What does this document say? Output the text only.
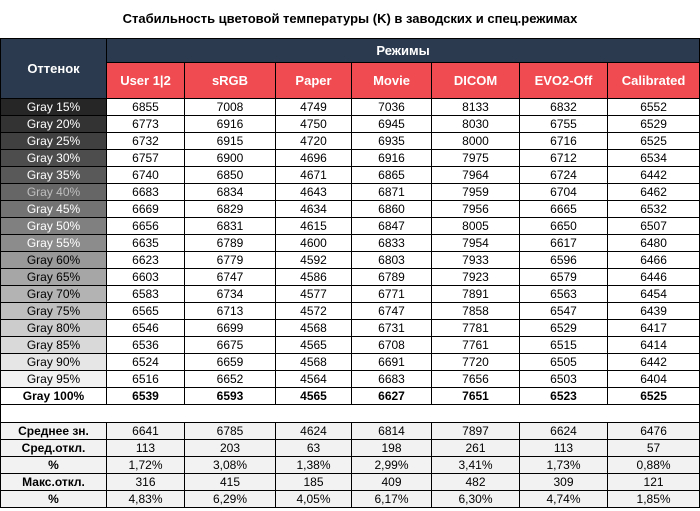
Стабильность цветовой температуры (K) в заводских и спец.режимах
Оттенок	Режимы						
	User 1|2	sRGB	Paper	Movie	DICOM	EVO2-Off	Calibrated
Gray 15%	6855	7008	4749	7036	8133	6832	6552
Gray 20%	6773	6916	4750	6945	8030	6755	6529
Gray 25%	6732	6915	4720	6935	8000	6716	6525
Gray 30%	6757	6900	4696	6916	7975	6712	6534
Gray 35%	6740	6850	4671	6865	7964	6724	6442
Gray 40%	6683	6834	4643	6871	7959	6704	6462
Gray 45%	6669	6829	4634	6860	7956	6665	6532
Gray 50%	6656	6831	4615	6847	8005	6650	6507
Gray 55%	6635	6789	4600	6833	7954	6617	6480
Gray 60%	6623	6779	4592	6803	7933	6596	6466
Gray 65%	6603	6747	4586	6789	7923	6579	6446
Gray 70%	6583	6734	4577	6771	7891	6563	6454
Gray 75%	6565	6713	4572	6747	7858	6547	6439
Gray 80%	6546	6699	4568	6731	7781	6529	6417
Gray 85%	6536	6675	4565	6708	7761	6515	6414
Gray 90%	6524	6659	4568	6691	7720	6505	6442
Gray 95%	6516	6652	4564	6683	7656	6503	6404
Gray 100%	6539	6593	4565	6627	7651	6523	6525

Среднее зн.	6641	6785	4624	6814	7897	6624	6476
Сред.откл.	113	203	63	198	261	113	57
%	1,72%	3,08%	1,38%	2,99%	3,41%	1,73%	0,88%
Макс.откл.	316	415	185	409	482	309	121
%	4,83%	6,29%	4,05%	6,17%	6,30%	4,74%	1,85%
